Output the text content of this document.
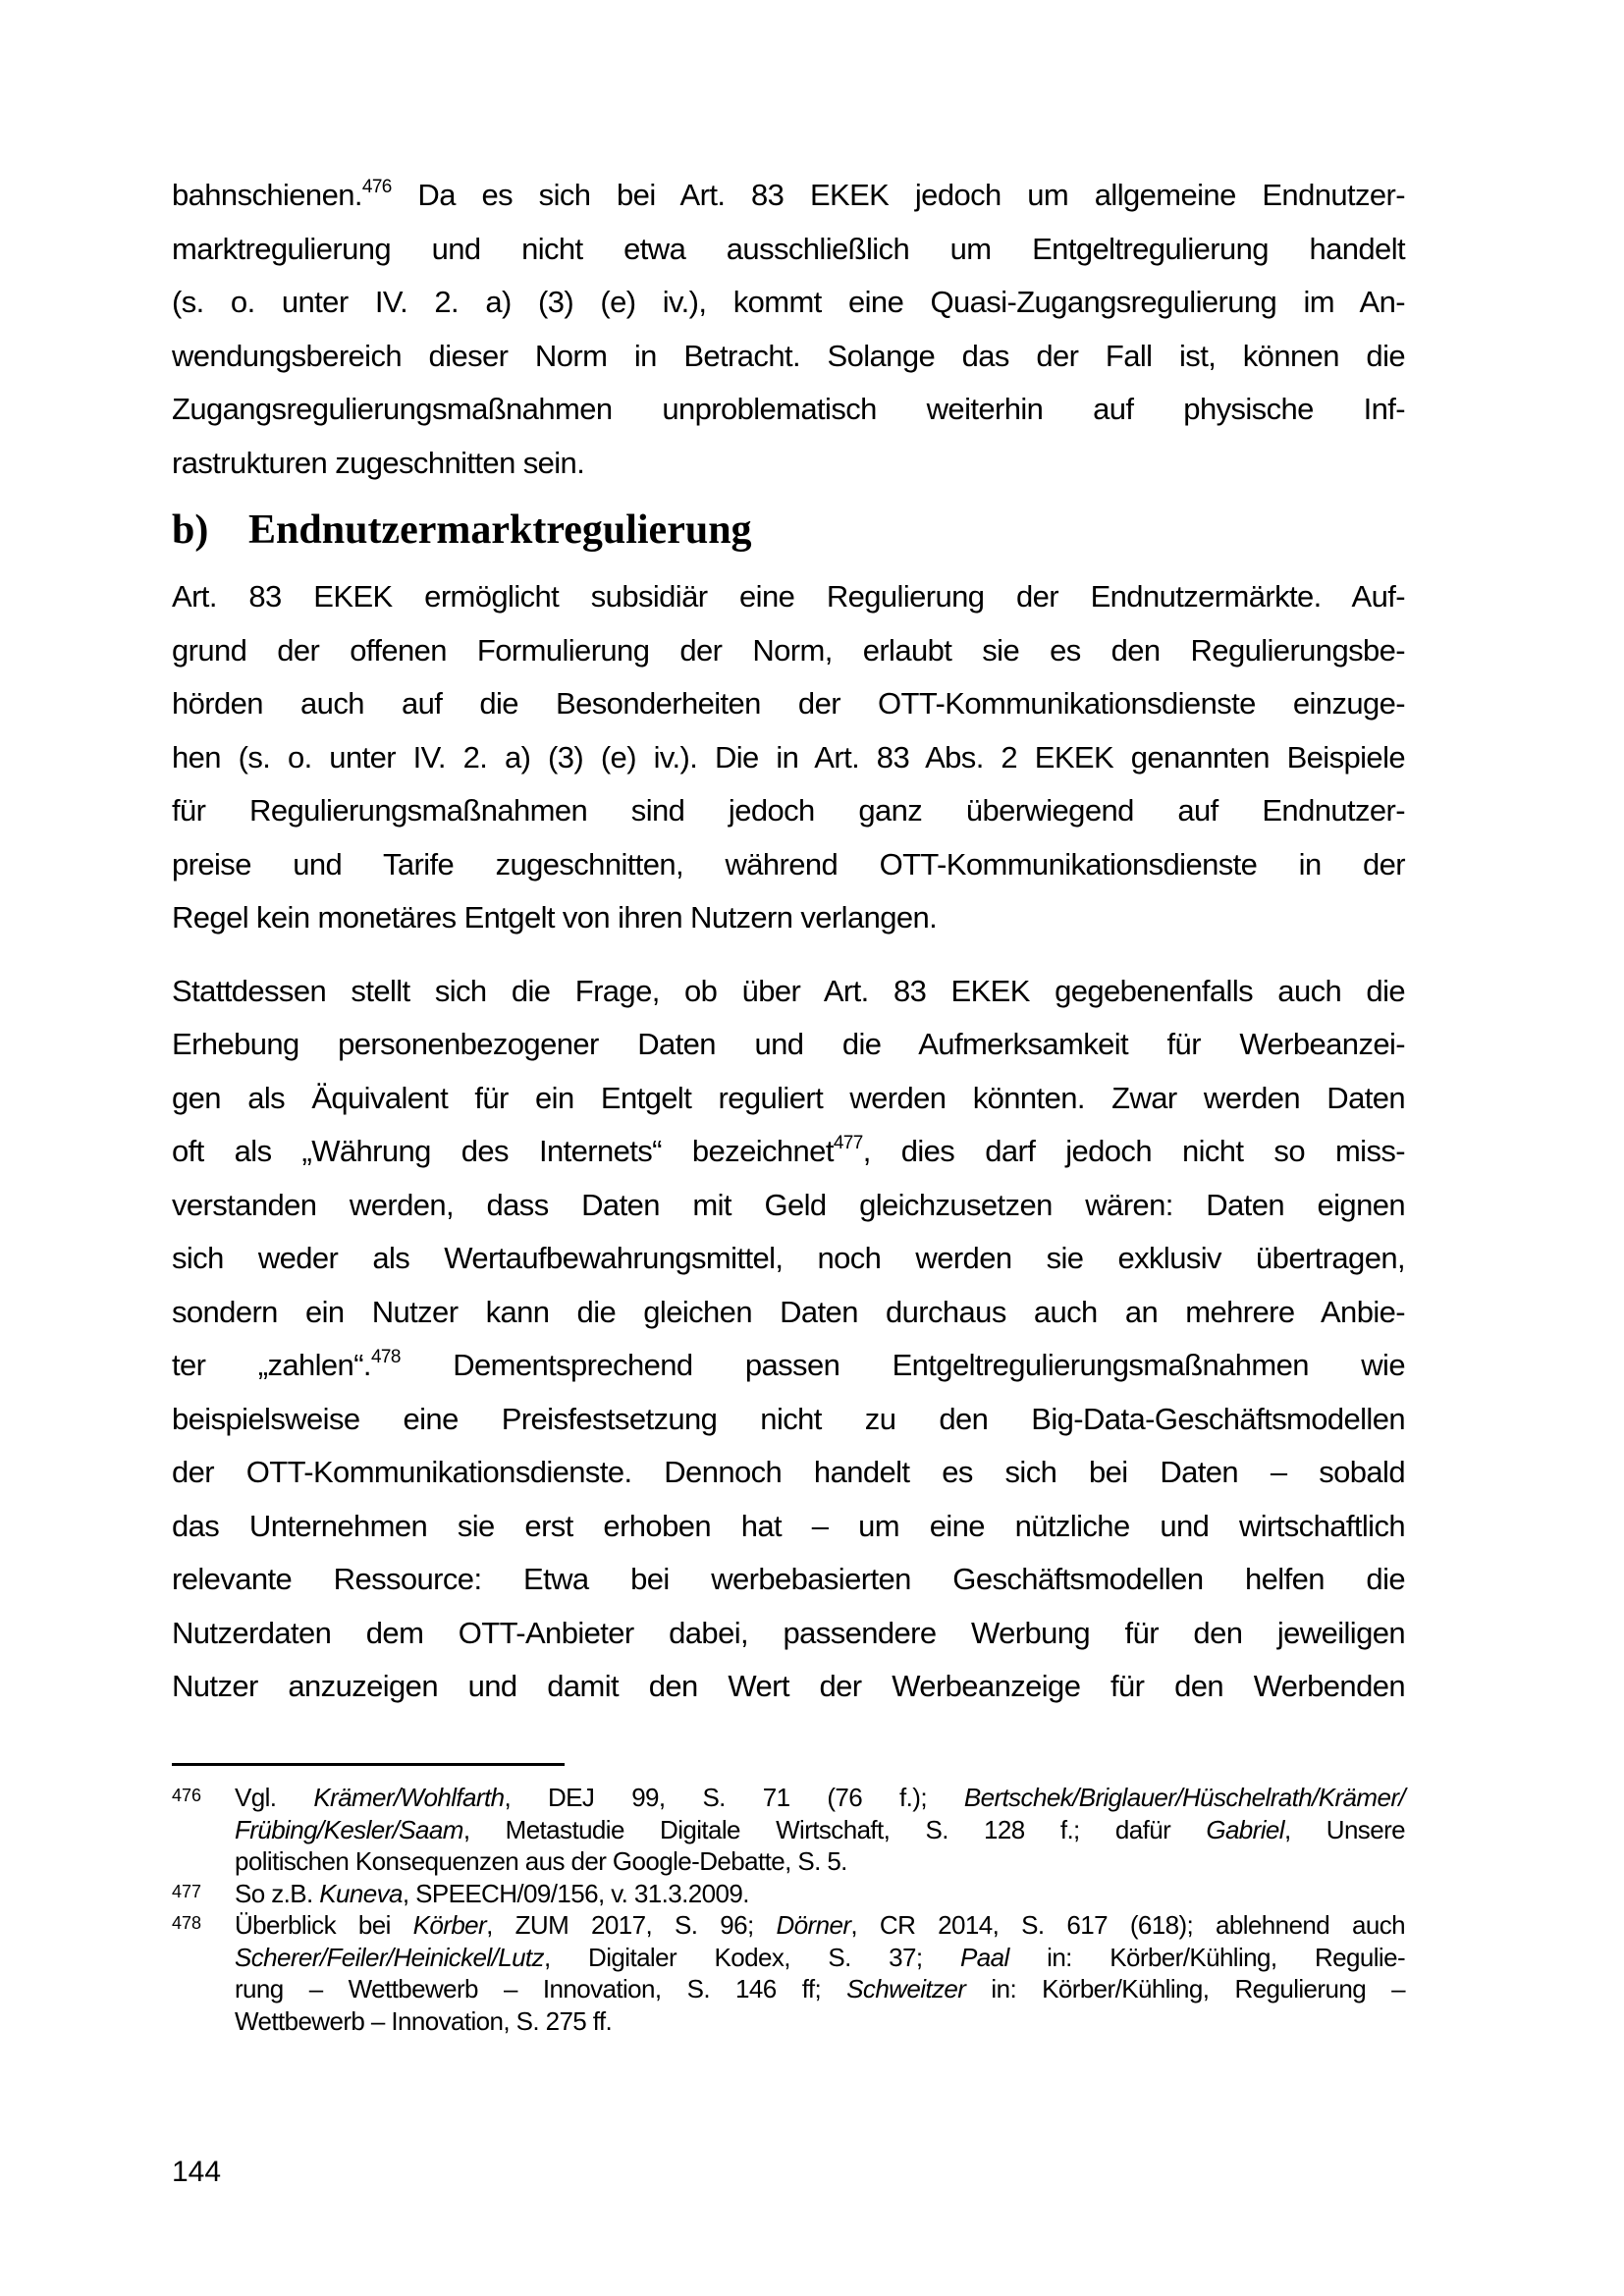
bahnschienen.$^{476}$ Da es sich bei Art. 83 EKEK jedoch um allgemeine Endnutzer-
marktregulierung und nicht etwa ausschließlich um Entgeltregulierung handelt
(s. o. unter IV. 2. a) (3) (e) iv.), kommt eine Quasi-Zugangsregulierung im An-
wendungsbereich dieser Norm in Betracht. Solange das der Fall ist, können die
Zugangsregulierungsmaßnahmen unproblematisch weiterhin auf physische Inf-
rastrukturen zugeschnitten sein.
b) Endnutzermarktregulierung
Art. 83 EKEK ermöglicht subsidiär eine Regulierung der Endnutzermärkte. Auf-
grund der offenen Formulierung der Norm, erlaubt sie es den Regulierungsbe-
hörden auch auf die Besonderheiten der OTT-Kommunikationsdienste einzuge-
hen (s. o. unter IV. 2. a) (3) (e) iv.). Die in Art. 83 Abs. 2 EKEK genannten Beispiele
für Regulierungsmaßnahmen sind jedoch ganz überwiegend auf Endnutzer-
preise und Tarife zugeschnitten, während OTT-Kommunikationsdienste in der
Regel kein monetäres Entgelt von ihren Nutzern verlangen.
Stattdessen stellt sich die Frage, ob über Art. 83 EKEK gegebenenfalls auch die
Erhebung personenbezogener Daten und die Aufmerksamkeit für Werbeanzei-
gen als Äquivalent für ein Entgelt reguliert werden könnten. Zwar werden Daten
oft als „Währung des Internets“ bezeichnet$^{477}$, dies darf jedoch nicht so miss-
verstanden werden, dass Daten mit Geld gleichzusetzen wären: Daten eignen
sich weder als Wertaufbewahrungsmittel, noch werden sie exklusiv übertragen,
sondern ein Nutzer kann die gleichen Daten durchaus auch an mehrere Anbie-
ter „zahlen“.$^{478}$ Dementsprechend passen Entgeltregulierungsmaßnahmen wie
beispielsweise eine Preisfestsetzung nicht zu den Big-Data-Geschäftsmodellen
der OTT-Kommunikationsdienste. Dennoch handelt es sich bei Daten – sobald
das Unternehmen sie erst erhoben hat – um eine nützliche und wirtschaftlich
relevante Ressource: Etwa bei werbebasierten Geschäftsmodellen helfen die
Nutzerdaten dem OTT-Anbieter dabei, passendere Werbung für den jeweiligen
Nutzer anzuzeigen und damit den Wert der Werbeanzeige für den Werbenden
476 Vgl. Krämer/Wohlfarth, DEJ 99, S. 71 (76 f.); Bertschek/Briglauer/Hüschelrath/Krämer/
Frübing/Kesler/Saam, Metastudie Digitale Wirtschaft, S. 128 f.; dafür Gabriel, Unsere
politischen Konsequenzen aus der Google-Debatte, S. 5.
477 So z.B. Kuneva, SPEECH/09/156, v. 31.3.2009.
478 Überblick bei Körber, ZUM 2017, S. 96; Dörner, CR 2014, S. 617 (618); ablehnend auch
Scherer/Feiler/Heinickel/Lutz, Digitaler Kodex, S. 37; Paal in: Körber/Kühling, Regulie-
rung – Wettbewerb – Innovation, S. 146 ff; Schweitzer in: Körber/Kühling, Regulierung –
Wettbewerb – Innovation, S. 275 ff.
144
